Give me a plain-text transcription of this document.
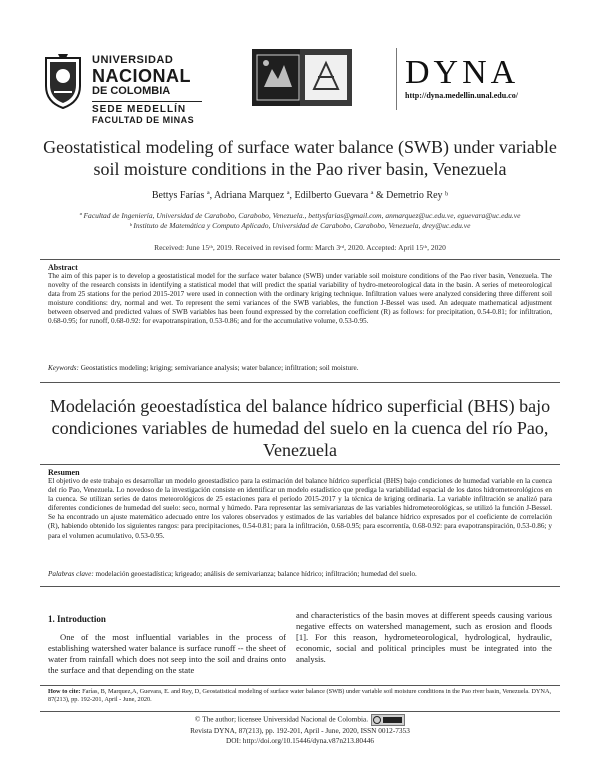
UNIVERSIDAD
NACIONAL
DE COLOMBIA
SEDE MEDELLÍN
FACULTAD DE MINAS
DYNA
http://dyna.medellin.unal.edu.co/
Geostatistical modeling of surface water balance (SWB) under variable soil moisture conditions in the Pao river basin, Venezuela
Bettys Farías ª, Adriana Marquez ª, Edilberto Guevara ª & Demetrio Rey ᵇ
ª Facultad de Ingeniería, Universidad de Carabobo, Carabobo, Venezuela., bettysfarias@gmail.com, anmarquez@uc.edu.ve, eguevara@uc.edu.ve
ᵇ Instituto de Matemática y Computo Aplicado, Universidad de Carabobo, Carabobo, Venezuela, drey@uc.edu.ve
Received: June 15ᵗʰ, 2019. Received in revised form: March 3ʳᵈ, 2020. Accepted: April 15ᵗʰ, 2020
Abstract
The aim of this paper is to develop a geostatistical model for the surface water balance (SWB) under variable soil moisture conditions of the Pao river basin, Venezuela. The novelty of the research consists in identifying a statistical model that will predict the spatial variability of hydro-meteorological data in the basin. A series of meteorological data from 25 stations for the period 2015-2017 were used in connection with the ordinary kriging technique. Infiltration values were analyzed considering three different soil moisture conditions: dry, normal and wet. To represent the semi variances of the SWB variables, the function J-Bessel was used. An adequate mathematical adjustment between observed and predicted values of SWB variables has been found expressed by the correlation coefficient (R) as follows: for precipitation, 0.54-0.81; for infiltration, 0.68-0.95; for runoff, 0.68-0.92: for evapotranspiration, 0.53-0.86; and for the accumulative volume, 0.53-0.95.
Keywords: Geostatistics modeling; kriging; semivariance analysis; water balance; infiltration; soil moisture.
Modelación geoestadística del balance hídrico superficial (BHS) bajo condiciones variables de humedad del suelo en la cuenca del río Pao, Venezuela
Resumen
El objetivo de este trabajo es desarrollar un modelo geoestadístico para la estimación del balance hídrico superficial (BHS) bajo condiciones de humedad variable en la cuenca del río Pao, Venezuela. Lo novedoso de la investigación consiste en identificar un modelo estadístico que prediga la variabilidad espacial de los datos hidrometeorológicos en la cuenca. Se utilizan series de datos meteorológicos de 25 estaciones para el período 2015-2017 y la técnica de kriging ordinaria. La variable infiltración se analizó para diferentes condiciones de humedad del suelo: seco, normal y húmedo. Para representar las semivarianzas de las variables hidrometeorológicas, se utilizó la función J-Bessel. Se ha encontrado un ajuste matemático adecuado entre los valores observados y estimados de las variables del balance hídrico expresados por el coeficiente de correlación (R), habiendo obtenido los siguientes rangos: para precipitaciones, 0.54-0.81; para la infiltración, 0.68-0.95; para escorrentía, 0.68-0.92: para evapotranspiración, 0.53-0.86; y para el volumen acumulativo, 0.53-0.95.
Palabras clave: modelación geoestadística; krigeado; análisis de semivarianza; balance hídrico; infiltración; humedad del suelo.
1. Introduction
One of the most influential variables in the process of establishing watershed water balance is surface runoff -- the sheet of water from rainfall which does not seep into the soil and drains onto the surface and that depending on the state
and characteristics of the basin moves at different speeds causing various negative effects on watershed management, such as erosion and floods [1]. For this reason, hydrometeorological, hydrological, hydraulic, economic, social and political principles must be integrated into the analysis.
How to cite: Farías, B, Marquez,A, Guevara, E. and Rey, D, Geostatistical modeling of surface water balance (SWB) under variable soil moisture conditions in the Pao river basin, Venezuela. DYNA, 87(213), pp. 192-201, April - June, 2020.
© The author; licensee Universidad Nacional de Colombia.
Revista DYNA, 87(213), pp. 192-201, April - June, 2020, ISSN 0012-7353
DOI: http://doi.org/10.15446/dyna.v87n213.80446
